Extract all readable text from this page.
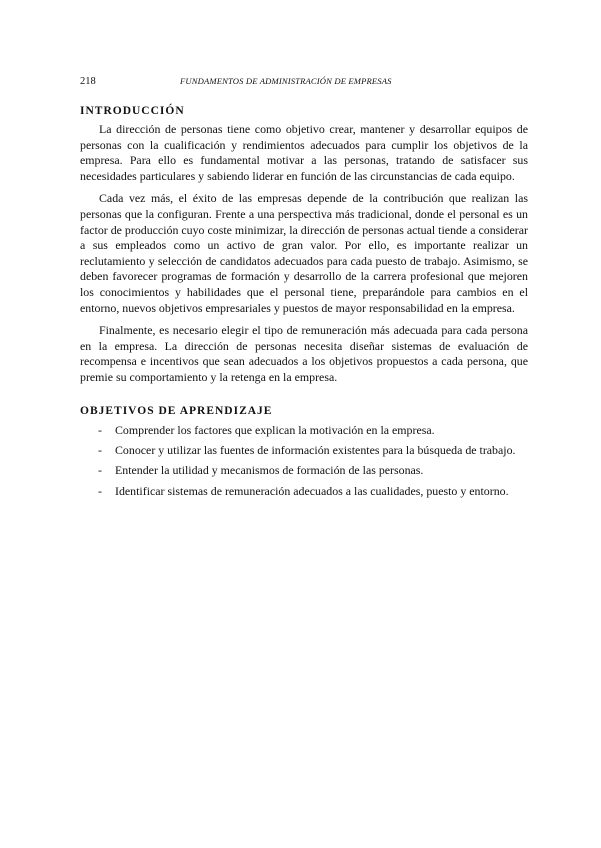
218	FUNDAMENTOS DE ADMINISTRACIÓN DE EMPRESAS
INTRODUCCIÓN

La dirección de personas tiene como objetivo crear, mantener y desarrollar equipos de personas con la cualificación y rendimientos adecuados para cumplir los objetivos de la empresa. Para ello es fundamental motivar a las personas, tratando de satisfacer sus necesidades particulares y sabiendo liderar en función de las circunstancias de cada equipo.

Cada vez más, el éxito de las empresas depende de la contribución que realizan las personas que la configuran. Frente a una perspectiva más tradicional, donde el personal es un factor de producción cuyo coste minimizar, la dirección de personas actual tiende a considerar a sus empleados como un activo de gran valor. Por ello, es importante realizar un reclutamiento y selección de candidatos adecuados para cada puesto de trabajo. Asimismo, se deben favorecer programas de formación y desarrollo de la carrera profesional que mejoren los conocimientos y habilidades que el personal tiene, preparándole para cambios en el entorno, nuevos objetivos empresariales y puestos de mayor responsabilidad en la empresa.

Finalmente, es necesario elegir el tipo de remuneración más adecuada para cada persona en la empresa. La dirección de personas necesita diseñar sistemas de evaluación de recompensa e incentivos que sean adecuados a los objetivos propuestos a cada persona, que premie su comportamiento y la retenga en la empresa.

OBJETIVOS DE APRENDIZAJE
- Comprender los factores que explican la motivación en la empresa.
- Conocer y utilizar las fuentes de información existentes para la búsqueda de trabajo.
- Entender la utilidad y mecanismos de formación de las personas.
- Identificar sistemas de remuneración adecuados a las cualidades, puesto y entorno.
